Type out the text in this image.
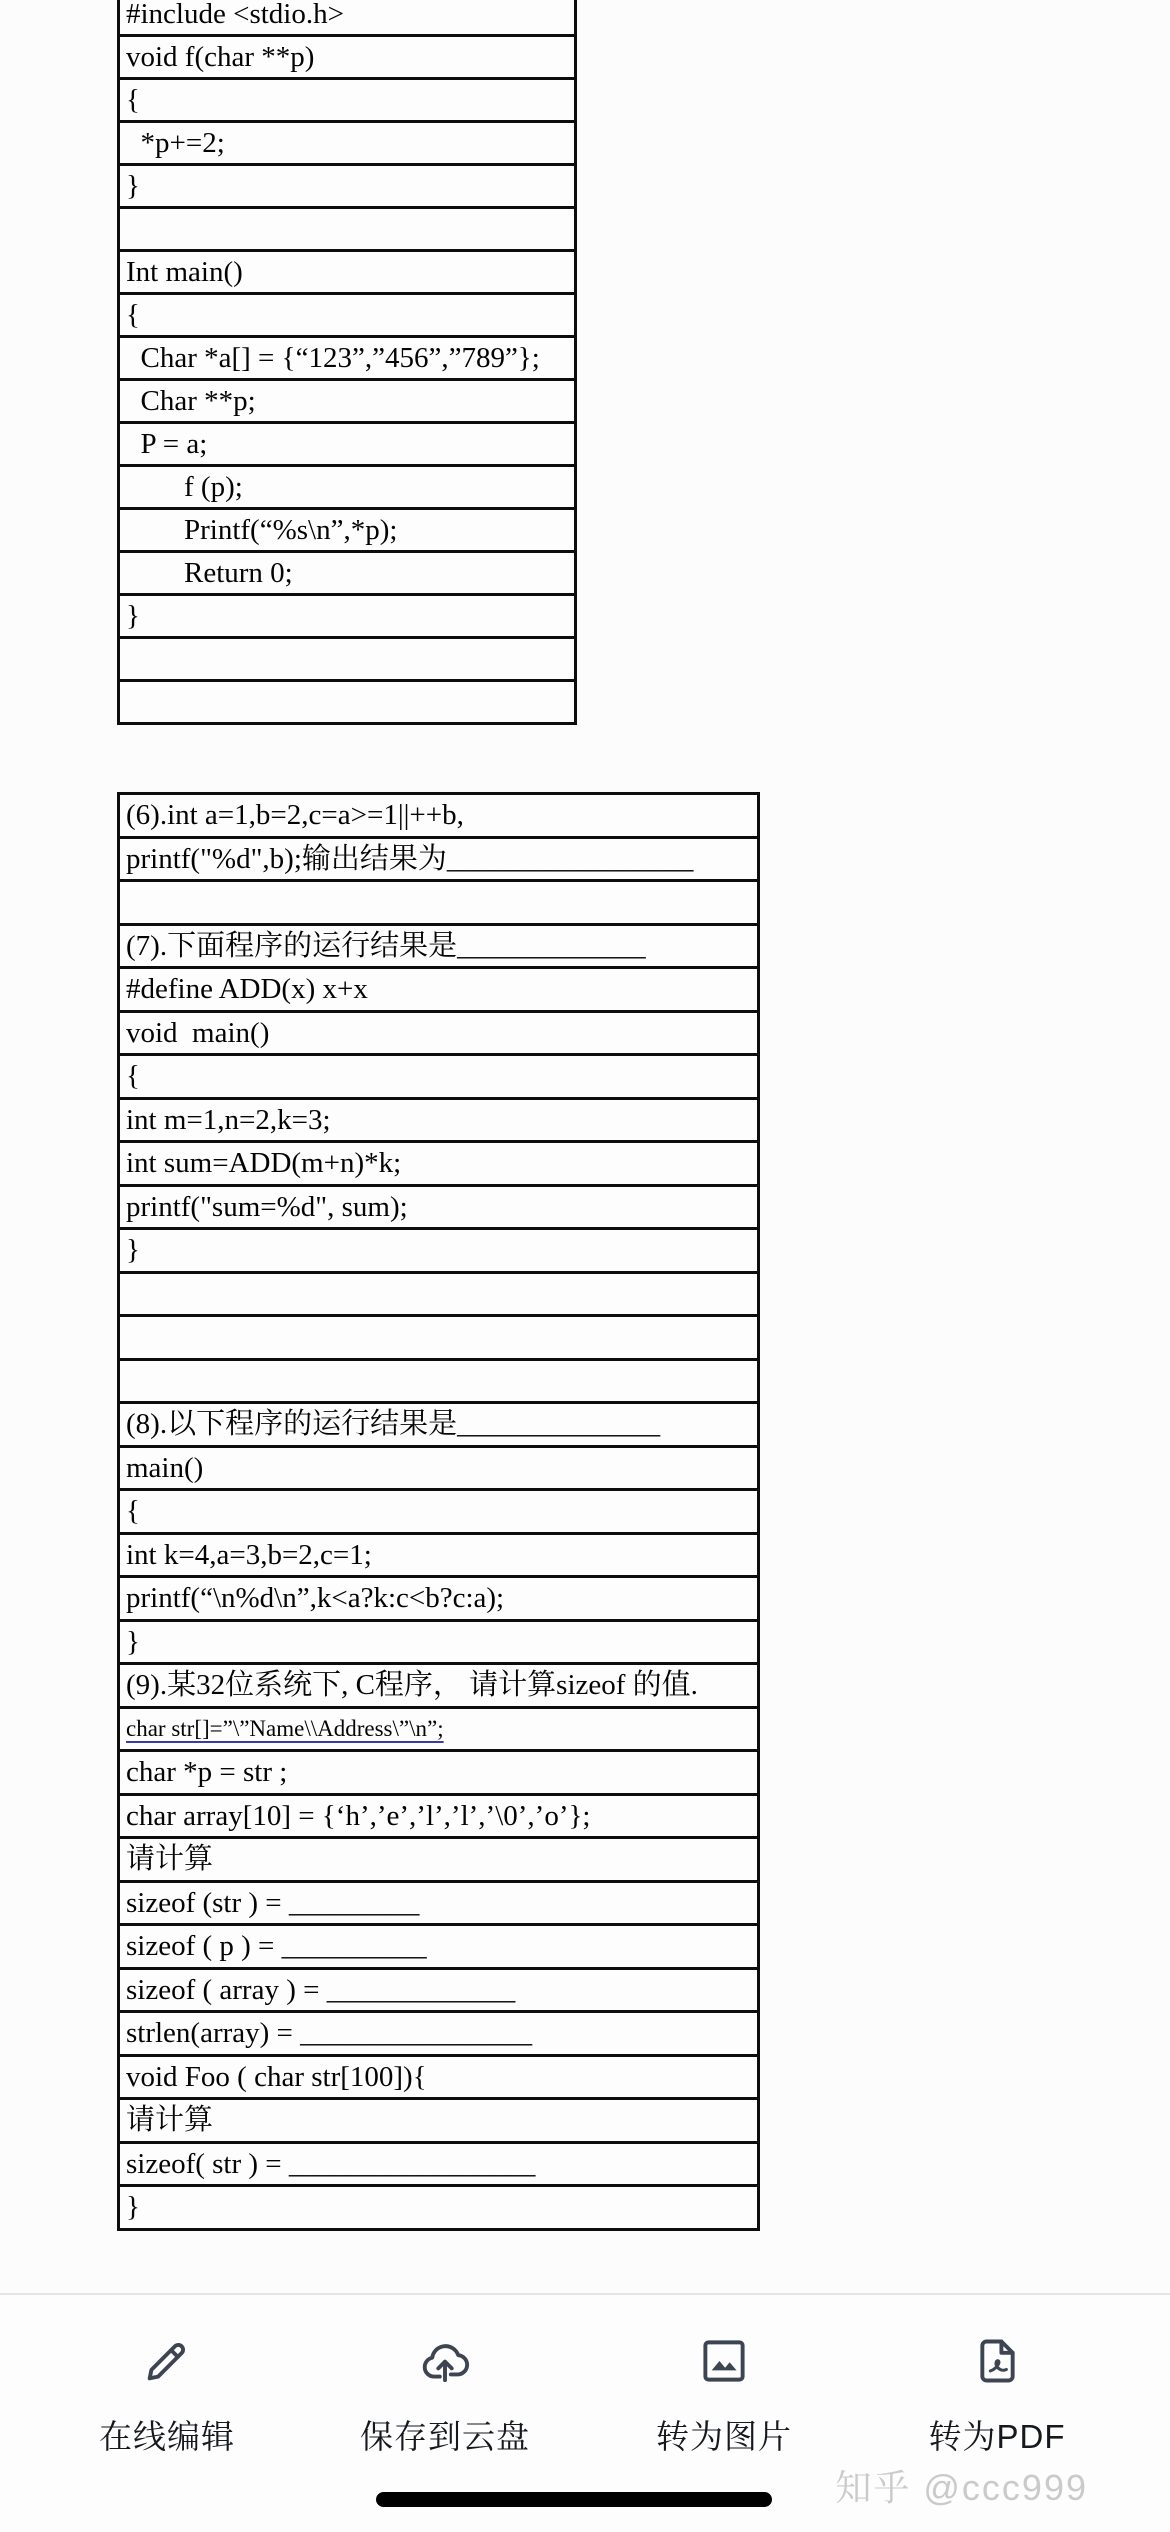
#include <stdio.h>
void f(char **p)
{
*p+=2;
}
Int main()
{
Char *a[] = {“123”,”456”,”789”};
Char **p;
P = a;
f (p);
Printf(“%s\n”,*p);
Return 0;
}
(6).int a=1,b=2,c=a>=1||++b,
printf("%d",b);输出结果为_________________
(7).下面程序的运行结果是_____________
#define ADD(x) x+x
void  main()
{
int m=1,n=2,k=3;
int sum=ADD(m+n)*k;
printf("sum=%d", sum);
}
(8).以下程序的运行结果是______________
main()
{
int k=4,a=3,b=2,c=1;
printf(“\n%d\n”,k<a?k:c<b?c:a);
}
(9).某32位系统下, C程序， 请计算sizeof 的值.
char str[]=”\”Name\\Address\”\n”;
char *p = str ;
char array[10] = {‘h’,’e’,’l’,’l’,’\0’,’o’};
请计算
sizeof (str ) = _________
sizeof ( p ) = __________
sizeof ( array ) = _____________
strlen(array) = ________________
void Foo ( char str[100]){
请计算
sizeof( str ) = _________________
}
在线编辑	保存到云盘	转为图片	转为PDF
知乎 @ccc999
